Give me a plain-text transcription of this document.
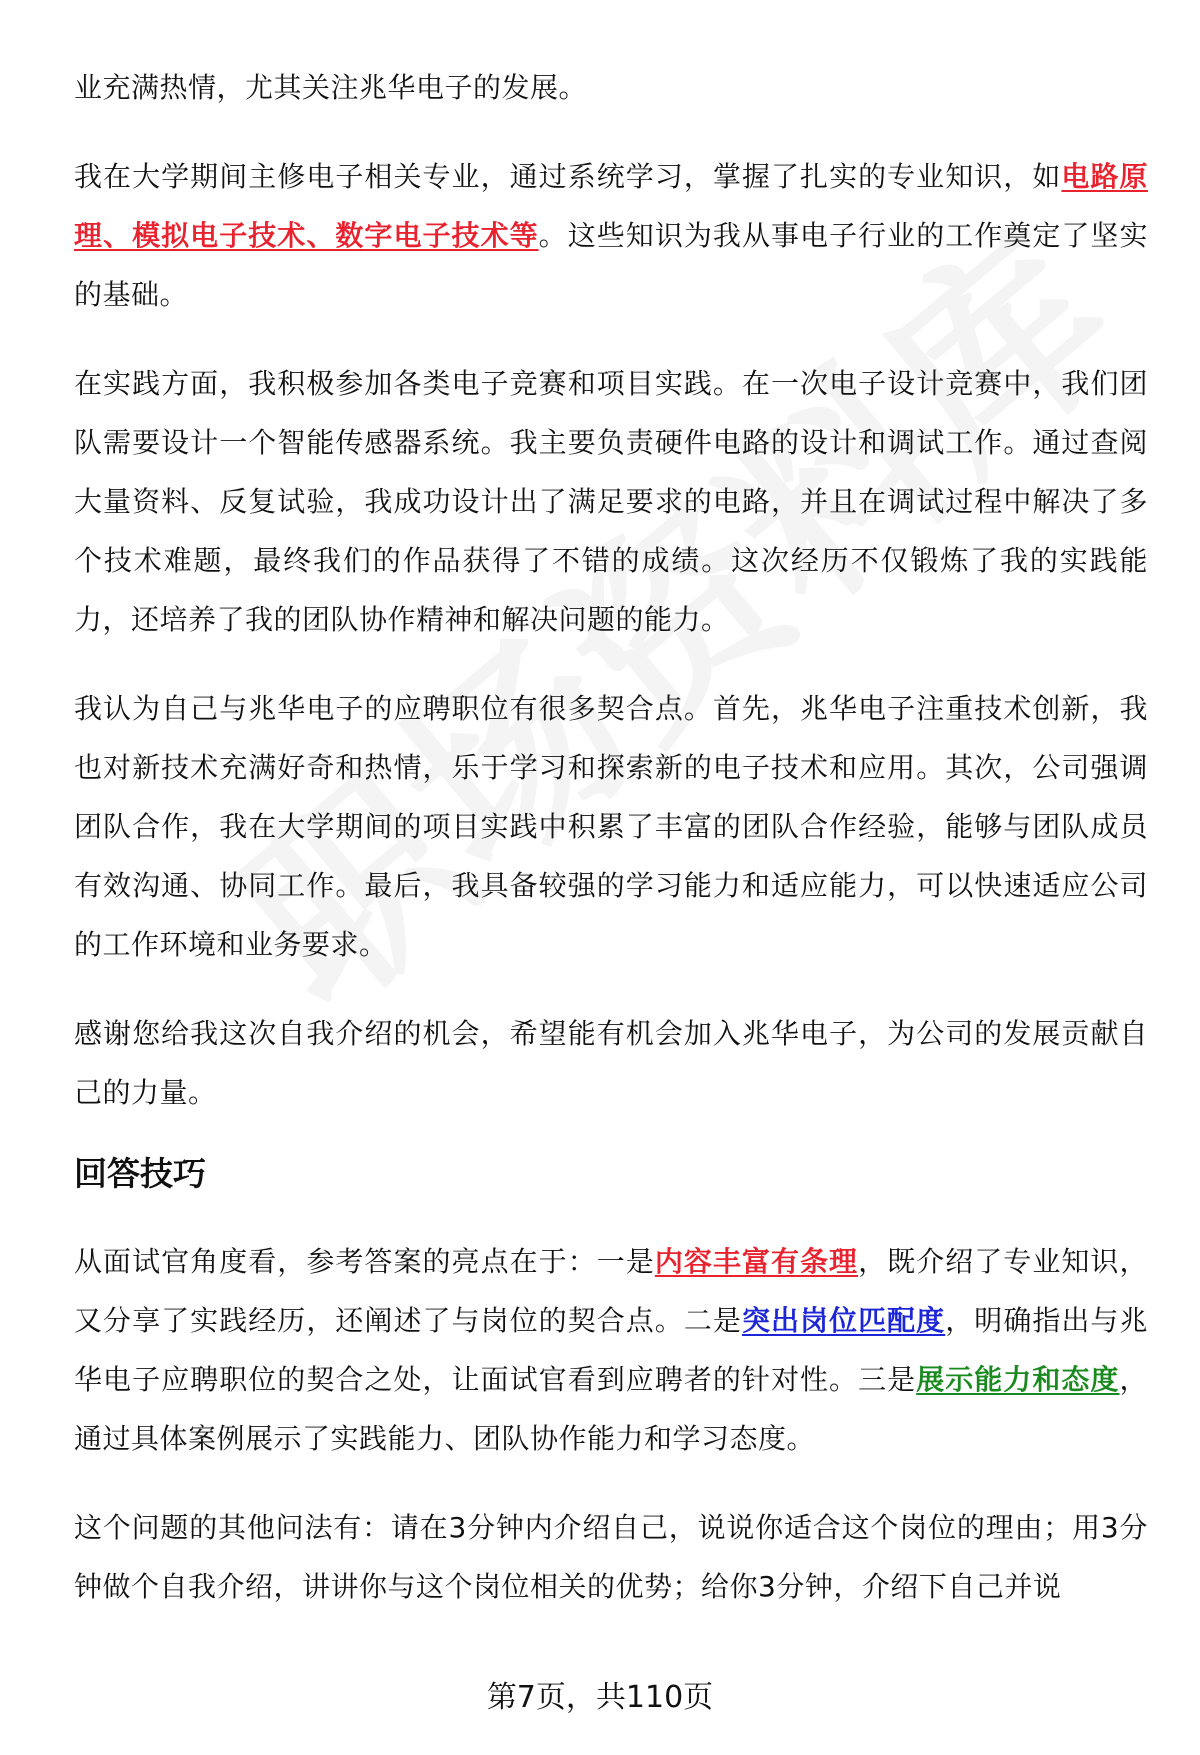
业充满热情，尤其关注兆华电子的发展。

我在大学期间主修电子相关专业，通过系统学习，掌握了扎实的专业知识，如电路原理、模拟电子技术、数字电子技术等。这些知识为我从事电子行业的工作奠定了坚实的基础。

在实践方面，我积极参加各类电子竞赛和项目实践。在一次电子设计竞赛中，我们团队需要设计一个智能传感器系统。我主要负责硬件电路的设计和调试工作。通过查阅大量资料、反复试验，我成功设计出了满足要求的电路，并且在调试过程中解决了多个技术难题，最终我们的作品获得了不错的成绩。这次经历不仅锻炼了我的实践能力，还培养了我的团队协作精神和解决问题的能力。

我认为自己与兆华电子的应聘职位有很多契合点。首先，兆华电子注重技术创新，我也对新技术充满好奇和热情，乐于学习和探索新的电子技术和应用。其次，公司强调团队合作，我在大学期间的项目实践中积累了丰富的团队合作经验，能够与团队成员有效沟通、协同工作。最后，我具备较强的学习能力和适应能力，可以快速适应公司的工作环境和业务要求。

感谢您给我这次自我介绍的机会，希望能有机会加入兆华电子，为公司的发展贡献自己的力量。

回答技巧

从面试官角度看，参考答案的亮点在于：一是内容丰富有条理，既介绍了专业知识，又分享了实践经历，还阐述了与岗位的契合点。二是突出岗位匹配度，明确指出与兆华电子应聘职位的契合之处，让面试官看到应聘者的针对性。三是展示能力和态度，通过具体案例展示了实践能力、团队协作能力和学习态度。

这个问题的其他问法有：请在3分钟内介绍自己，说说你适合这个岗位的理由；用3分钟做个自我介绍，讲讲你与这个岗位相关的优势；给你3分钟，介绍下自己并说

第7页，共110页
